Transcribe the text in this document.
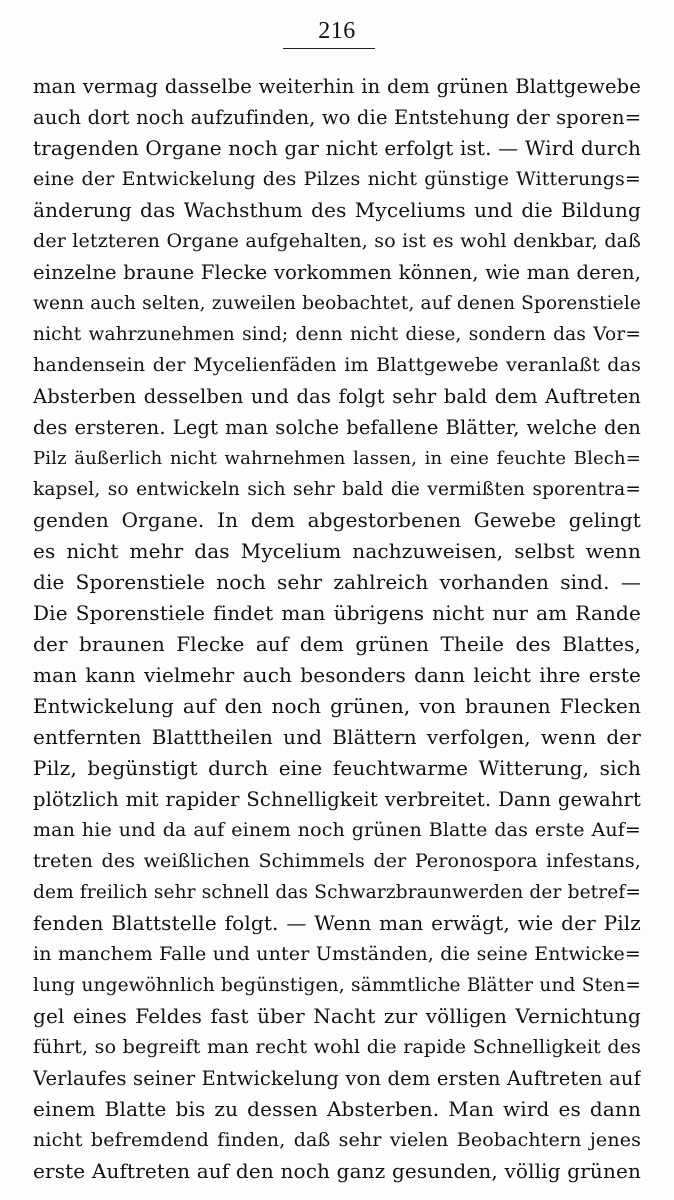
216
man vermag dasselbe weiterhin in dem grünen Blattgewebe
auch dort noch aufzufinden, wo die Entstehung der sporen=
tragenden Organe noch gar nicht erfolgt ist. — Wird durch
eine der Entwickelung des Pilzes nicht günstige Witterungs=
änderung das Wachsthum des Myceliums und die Bildung
der letzteren Organe aufgehalten, so ist es wohl denkbar, daß
einzelne braune Flecke vorkommen können, wie man deren,
wenn auch selten, zuweilen beobachtet, auf denen Sporenstiele
nicht wahrzunehmen sind; denn nicht diese, sondern das Vor=
handensein der Mycelienfäden im Blattgewebe veranlaßt das
Absterben desselben und das folgt sehr bald dem Auftreten
des ersteren. Legt man solche befallene Blätter, welche den
Pilz äußerlich nicht wahrnehmen lassen, in eine feuchte Blech=
kapsel, so entwickeln sich sehr bald die vermißten sporentra=
genden Organe. In dem abgestorbenen Gewebe gelingt
es nicht mehr das Mycelium nachzuweisen, selbst wenn
die Sporenstiele noch sehr zahlreich vorhanden sind. —
Die Sporenstiele findet man übrigens nicht nur am Rande
der braunen Flecke auf dem grünen Theile des Blattes,
man kann vielmehr auch besonders dann leicht ihre erste
Entwickelung auf den noch grünen, von braunen Flecken
entfernten Blatttheilen und Blättern verfolgen, wenn der
Pilz, begünstigt durch eine feuchtwarme Witterung, sich
plötzlich mit rapider Schnelligkeit verbreitet. Dann gewahrt
man hie und da auf einem noch grünen Blatte das erste Auf=
treten des weißlichen Schimmels der Peronospora infestans,
dem freilich sehr schnell das Schwarzbraunwerden der betref=
fenden Blattstelle folgt. — Wenn man erwägt, wie der Pilz
in manchem Falle und unter Umständen, die seine Entwicke=
lung ungewöhnlich begünstigen, sämmtliche Blätter und Sten=
gel eines Feldes fast über Nacht zur völligen Vernichtung
führt, so begreift man recht wohl die rapide Schnelligkeit des
Verlaufes seiner Entwickelung von dem ersten Auftreten auf
einem Blatte bis zu dessen Absterben. Man wird es dann
nicht befremdend finden, daß sehr vielen Beobachtern jenes
erste Auftreten auf den noch ganz gesunden, völlig grünen
